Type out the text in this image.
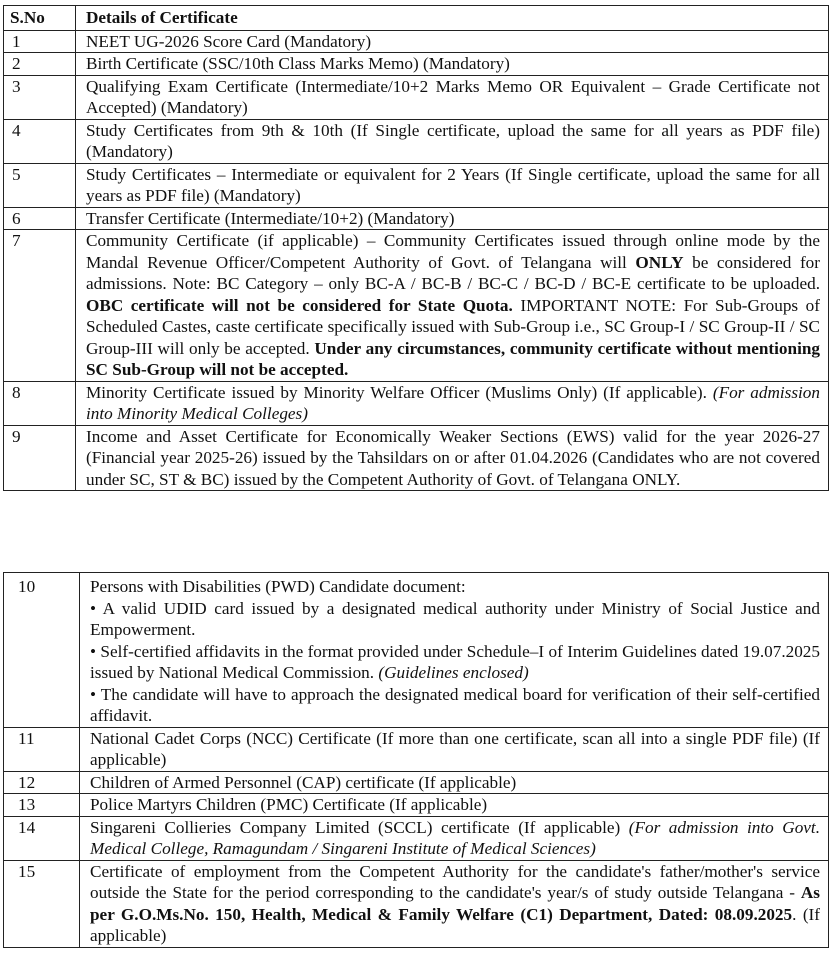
S.No	Details of Certificate
1	NEET UG-2026 Score Card (Mandatory)
2	Birth Certificate (SSC/10th Class Marks Memo) (Mandatory)
3	Qualifying Exam Certificate (Intermediate/10+2 Marks Memo OR Equivalent – Grade Certificate not Accepted) (Mandatory)
4	Study Certificates from 9th & 10th (If Single certificate, upload the same for all years as PDF file) (Mandatory)
5	Study Certificates – Intermediate or equivalent for 2 Years (If Single certificate, upload the same for all years as PDF file) (Mandatory)
6	Transfer Certificate (Intermediate/10+2) (Mandatory)
7	Community Certificate (if applicable) – Community Certificates issued through online mode by the Mandal Revenue Officer/Competent Authority of Govt. of Telangana will ONLY be considered for admissions. Note: BC Category – only BC-A / BC-B / BC-C / BC-D / BC-E certificate to be uploaded. OBC certificate will not be considered for State Quota. IMPORTANT NOTE: For Sub-Groups of Scheduled Castes, caste certificate specifically issued with Sub-Group i.e., SC Group-I / SC Group-II / SC Group-III will only be accepted. Under any circumstances, community certificate without mentioning SC Sub-Group will not be accepted.
8	Minority Certificate issued by Minority Welfare Officer (Muslims Only) (If applicable). (For admission into Minority Medical Colleges)
9	Income and Asset Certificate for Economically Weaker Sections (EWS) valid for the year 2026-27 (Financial year 2025-26) issued by the Tahsildars on or after 01.04.2026 (Candidates who are not covered under SC, ST & BC) issued by the Competent Authority of Govt. of Telangana ONLY.
10	Persons with Disabilities (PWD) Candidate document:
• A valid UDID card issued by a designated medical authority under Ministry of Social Justice and Empowerment.
• Self-certified affidavits in the format provided under Schedule–I of Interim Guidelines dated 19.07.2025 issued by National Medical Commission. (Guidelines enclosed)
• The candidate will have to approach the designated medical board for verification of their self-certified affidavit.

11	National Cadet Corps (NCC) Certificate (If more than one certificate, scan all into a single PDF file) (If applicable)
12	Children of Armed Personnel (CAP) certificate (If applicable)
13	Police Martyrs Children (PMC) Certificate (If applicable)
14	Singareni Collieries Company Limited (SCCL) certificate (If applicable) (For admission into Govt. Medical College, Ramagundam / Singareni Institute of Medical Sciences)
15	Certificate of employment from the Competent Authority for the candidate's father/mother's service outside the State for the period corresponding to the candidate's year/s of study outside Telangana - As per G.O.Ms.No. 150, Health, Medical & Family Welfare (C1) Department, Dated: 08.09.2025. (If applicable)
